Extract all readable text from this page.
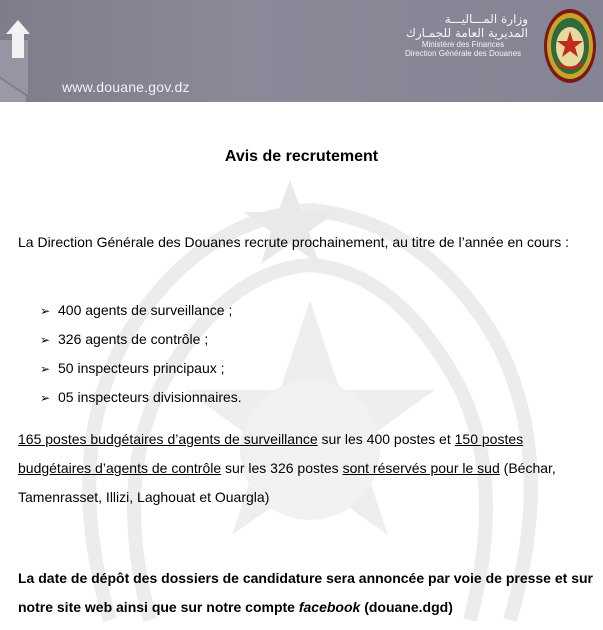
www.douane.gov.dz
وزارة المـــاليـــة
المديرية العامة للجمـارك
Ministère des Finances
Direction Générale des Douanes
Avis de recrutement
La Direction Générale des Douanes recrute prochainement, au titre de l’année en cours :
➢ 400 agents de surveillance ;
➢ 326 agents de contrôle ;
➢ 50 inspecteurs principaux ;
➢ 05 inspecteurs divisionnaires.
165 postes budgétaires d’agents de surveillance sur les 400 postes et 150 postes budgétaires d’agents de contrôle sur les 326 postes sont réservés pour le sud (Béchar, Tamenrasset, Illizi, Laghouat et Ouargla)
La date de dépôt des dossiers de candidature sera annoncée par voie de presse et sur notre site web ainsi que sur notre compte facebook (douane.dgd)
